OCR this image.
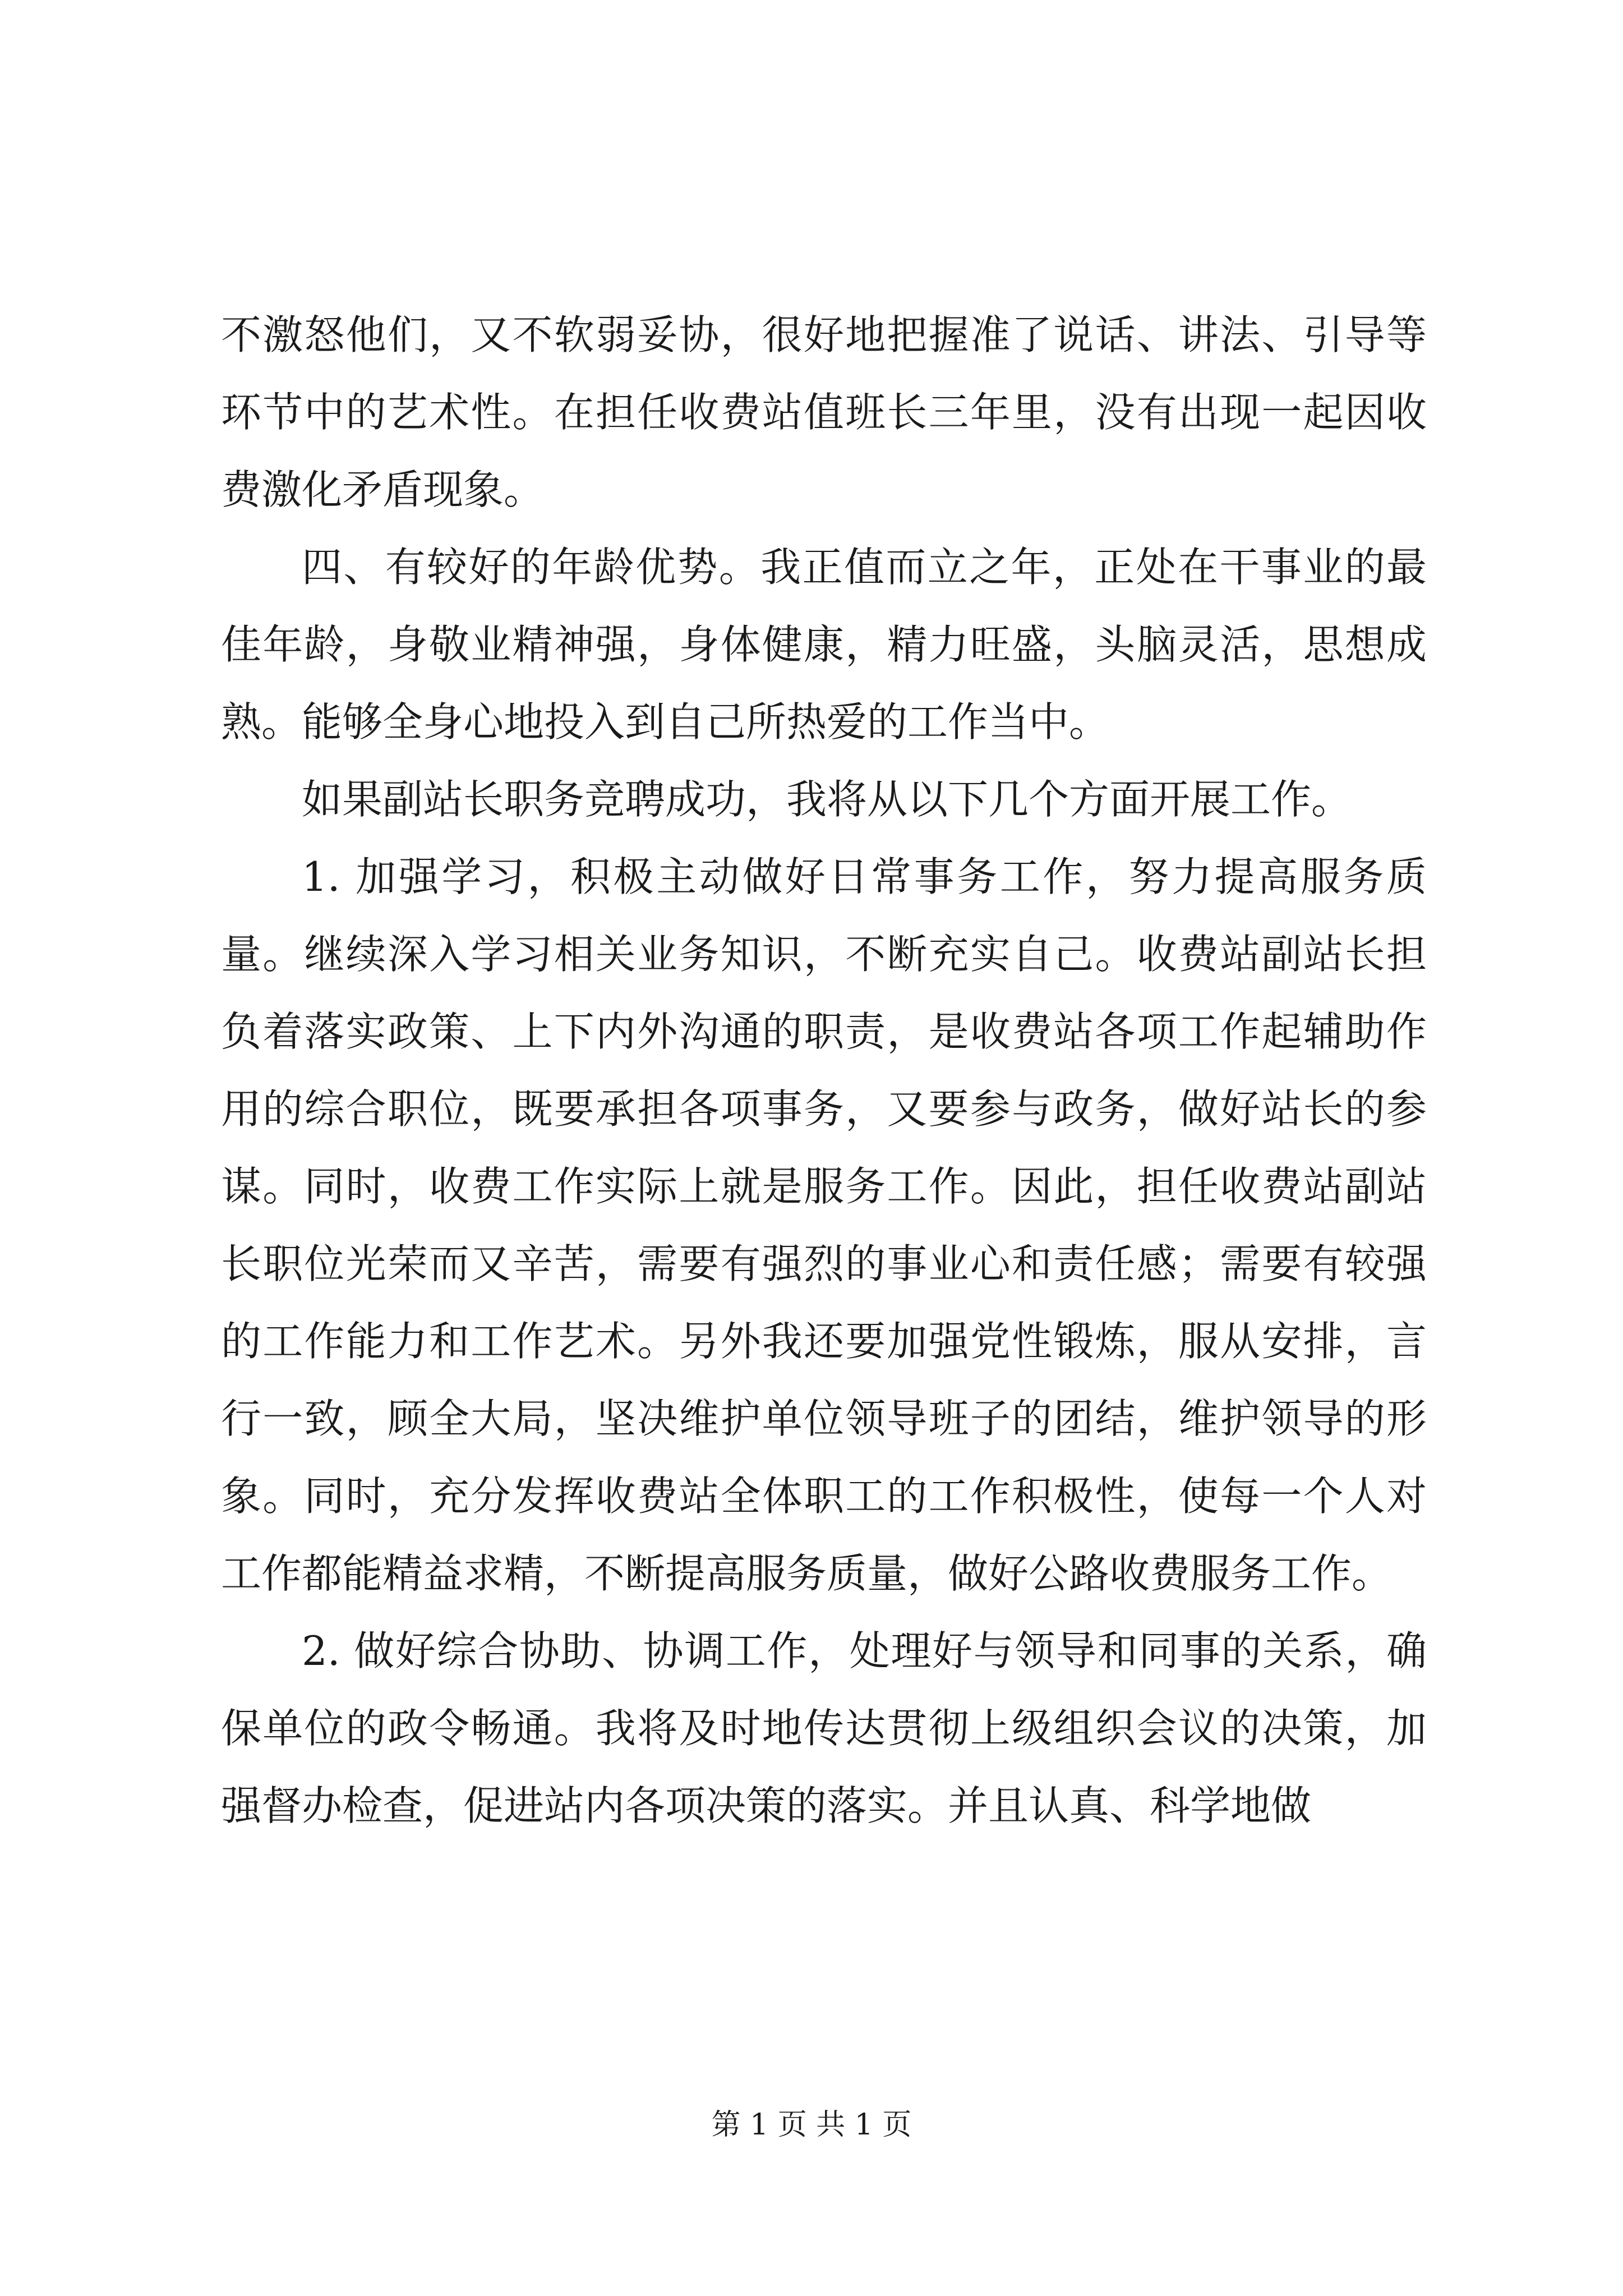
不激怒他们，又不软弱妥协，很好地把握准了说话、讲法、引导等环节中的艺术性。在担任收费站值班长三年里，没有出现一起因收费激化矛盾现象。

四、有较好的年龄优势。我正值而立之年，正处在干事业的最佳年龄，身敬业精神强，身体健康，精力旺盛，头脑灵活，思想成熟。能够全身心地投入到自己所热爱的工作当中。

如果副站长职务竞聘成功，我将从以下几个方面开展工作。

1. 加强学习，积极主动做好日常事务工作，努力提高服务质量。继续深入学习相关业务知识，不断充实自己。收费站副站长担负着落实政策、上下内外沟通的职责，是收费站各项工作起辅助作用的综合职位，既要承担各项事务，又要参与政务，做好站长的参谋。同时，收费工作实际上就是服务工作。因此，担任收费站副站长职位光荣而又辛苦，需要有强烈的事业心和责任感；需要有较强的工作能力和工作艺术。另外我还要加强党性锻炼，服从安排，言行一致，顾全大局，坚决维护单位领导班子的团结，维护领导的形象。同时，充分发挥收费站全体职工的工作积极性，使每一个人对工作都能精益求精，不断提高服务质量，做好公路收费服务工作。

2. 做好综合协助、协调工作，处理好与领导和同事的关系，确保单位的政令畅通。我将及时地传达贯彻上级组织会议的决策，加强督办检查，促进站内各项决策的落实。并且认真、科学地做

第 1 页 共 1 页
